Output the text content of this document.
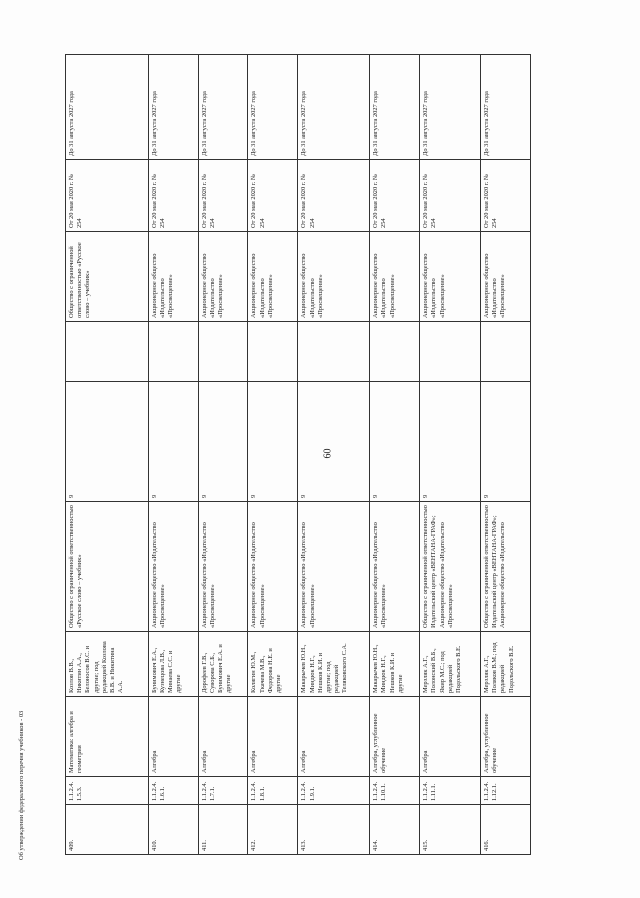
60
409.	1.1.2.4.1.5.3.	Математика: алгебра и геометрия	Козлов В.В., Никитин А.А., Белоносов В.С. и другие; под редакцией Козлова В.В. и Никитина А.А.	Общество с ограниченной ответственностью «Русское слово – учебник»	9		Общество с ограниченной ответственностью «Русское слово – учебник»	От 20 мая 2020 г. № 254	До 31 августа 2027 года
410.	1.1.2.4.1.6.1.	Алгебра	Бунимович Е.А., Кузнецова Л.В., Минаева С.С. и другие	Акционерное общество «Издательство «Просвещение»	9		Акционерное общество «Издательство «Просвещение»	От 20 мая 2020 г. № 254	До 31 августа 2027 года
411.	1.1.2.4.1.7.1.	Алгебра	Дорофеев Г.В., Суворова С.Б., Бунимович Е.А. и другие	Акционерное общество «Издательство «Просвещение»	9		Акционерное общество «Издательство «Просвещение»	От 20 мая 2020 г. № 254	До 31 августа 2027 года
412.	1.1.2.4.1.8.1.	Алгебра	Колягин Ю.М., Ткачева М.В., Федорова Н.Е. и другие	Акционерное общество «Издательство «Просвещение»	9		Акционерное общество «Издательство «Просвещение»	От 20 мая 2020 г. № 254	До 31 августа 2027 года
413.	1.1.2.4.1.9.1.	Алгебра	Макарычев Ю.Н., Миндюк Н.Г., Нешков К.И. и другие; под редакцией Теляковского С.А.	Акционерное общество «Издательство «Просвещение»	9		Акционерное общество «Издательство «Просвещение»	От 20 мая 2020 г. № 254	До 31 августа 2027 года
414.	1.1.2.4.1.10.1.	Алгебра, углубленное обучение	Макарычев Ю.Н., Миндюк Н.Г., Нешков К.И. и другие	Акционерное общество «Издательство «Просвещение»	9		Акционерное общество «Издательство «Просвещение»	От 20 мая 2020 г. № 254	До 31 августа 2027 года
415.	1.1.2.4.1.11.1.	Алгебра	Мерзляк А.Г., Полонский В.Б., Якир М.С.; под редакцией Подольского В.Е.	Общество с ограниченной ответственностью Издательский центр «ВЕНТАНА-ГРАФ»; Акционерное общество «Издательство «Просвещение»	9		Акционерное общество «Издательство «Просвещение»	От 20 мая 2020 г. № 254	До 31 августа 2027 года
416.	1.1.2.4.1.12.1.	Алгебра, углубленное обучение	Мерзляк А.Г., Поляков В.М.; под редакцией Подольского В.Е.	Общество с ограниченной ответственностью Издательский центр «ВЕНТАНА-ГРАФ»; Акционерное общество «Издательство	9		Акционерное общество «Издательство «Просвещение»	От 20 мая 2020 г. № 254	До 31 августа 2027 года
Об утверждении федерального перечня учебников - 03
